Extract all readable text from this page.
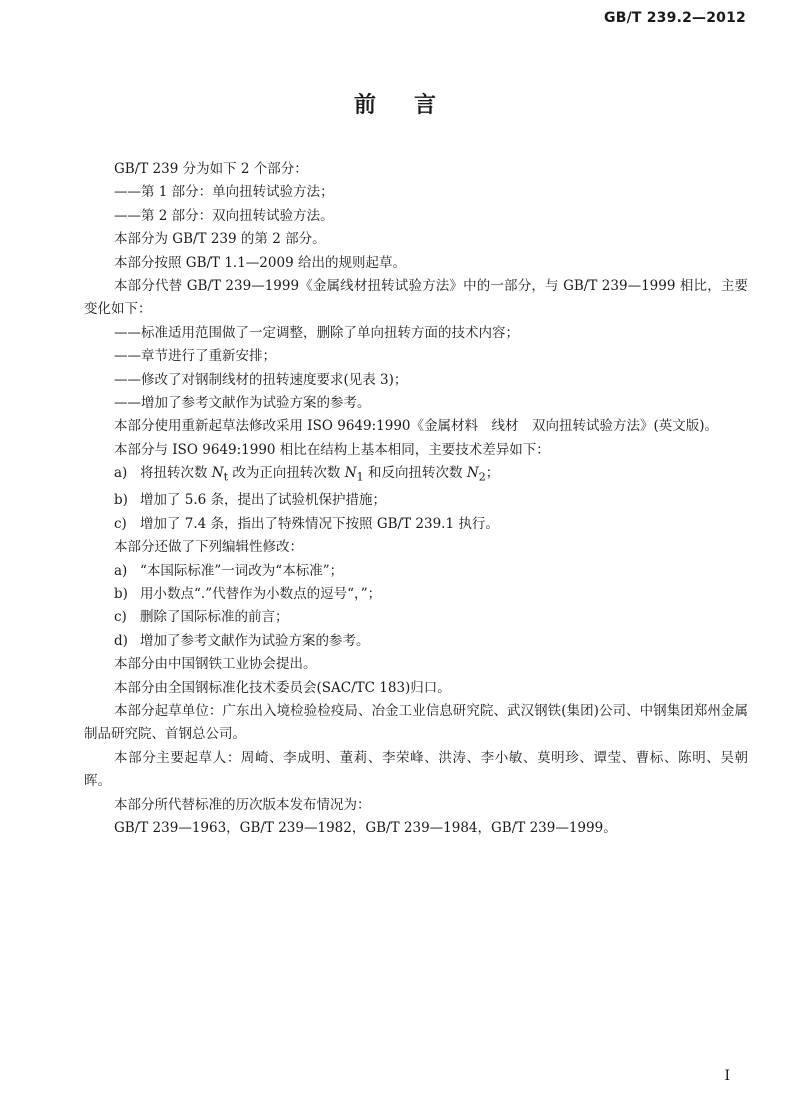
GB/T 239.2—2012
前言

GB/T 239 分为如下 2 个部分：

——第 1 部分：单向扭转试验方法；

——第 2 部分：双向扭转试验方法。

本部分为 GB/T 239 的第 2 部分。

本部分按照 GB/T 1.1—2009 给出的规则起草。

本部分代替 GB/T 239—1999《金属线材扭转试验方法》中的一部分，与 GB/T 239—1999 相比，主要变化如下：

——标准适用范围做了一定调整，删除了单向扭转方面的技术内容；

——章节进行了重新安排；

——修改了对钢制线材的扭转速度要求(见表 3)；

——增加了参考文献作为试验方案的参考。

本部分使用重新起草法修改采用 ISO 9649:1990《金属材料　线材　双向扭转试验方法》(英文版)。

本部分与 ISO 9649:1990 相比在结构上基本相同，主要技术差异如下：

a) 将扭转次数 $N_t$ 改为正向扭转次数 $N_1$ 和反向扭转次数 $N_2$；

b) 增加了 5.6 条，提出了试验机保护措施；

c) 增加了 7.4 条，指出了特殊情况下按照 GB/T 239.1 执行。

本部分还做了下列编辑性修改：

a) “本国际标准”一词改为“本标准”；

b) 用小数点“.”代替作为小数点的逗号“，”；

c) 删除了国际标准的前言；

d) 增加了参考文献作为试验方案的参考。

本部分由中国钢铁工业协会提出。

本部分由全国钢标准化技术委员会(SAC/TC 183)归口。

本部分起草单位：广东出入境检验检疫局、冶金工业信息研究院、武汉钢铁(集团)公司、中钢集团郑州金属制品研究院、首钢总公司。

本部分主要起草人：周崎、李成明、董莉、李荣峰、洪涛、李小敏、莫明珍、谭莹、曹标、陈明、吴朝晖。

本部分所代替标准的历次版本发布情况为：

GB/T 239—1963，GB/T 239—1982，GB/T 239—1984，GB/T 239—1999。

I
